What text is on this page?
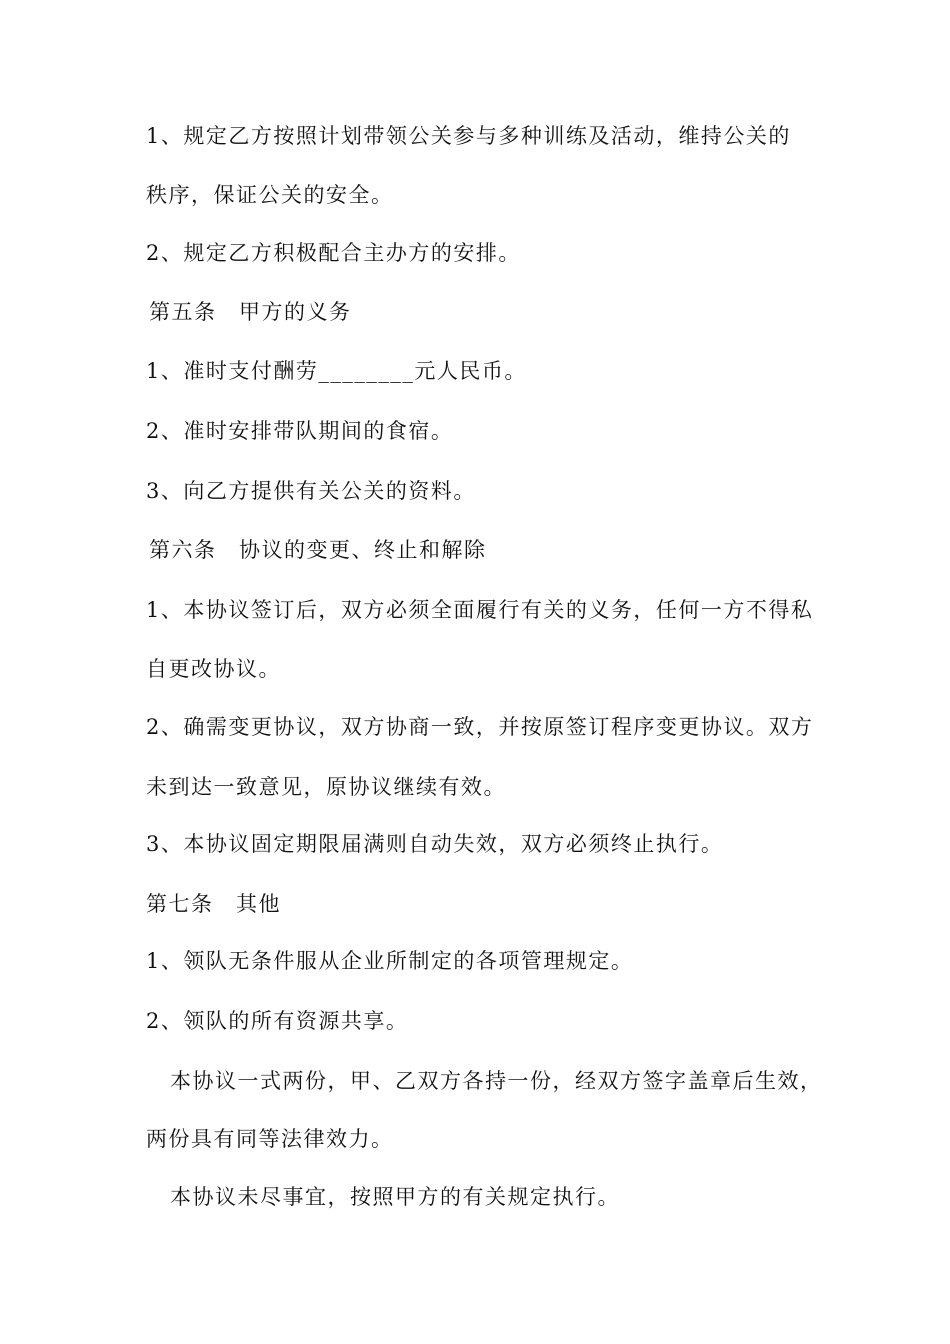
1、规定乙方按照计划带领公关参与多种训练及活动，维持公关的
秩序，保证公关的安全。
2、规定乙方积极配合主办方的安排。
第五条　甲方的义务
1、准时支付酬劳________元人民币。
2、准时安排带队期间的食宿。
3、向乙方提供有关公关的资料。
第六条　协议的变更、终止和解除
1、本协议签订后，双方必须全面履行有关的义务，任何一方不得私
自更改协议。
2、确需变更协议，双方协商一致，并按原签订程序变更协议。双方
未到达一致意见，原协议继续有效。
3、本协议固定期限届满则自动失效，双方必须终止执行。
第七条　其他
1、领队无条件服从企业所制定的各项管理规定。
2、领队的所有资源共享。
本协议一式两份，甲、乙双方各持一份，经双方签字盖章后生效，
两份具有同等法律效力。
本协议未尽事宜，按照甲方的有关规定执行。
